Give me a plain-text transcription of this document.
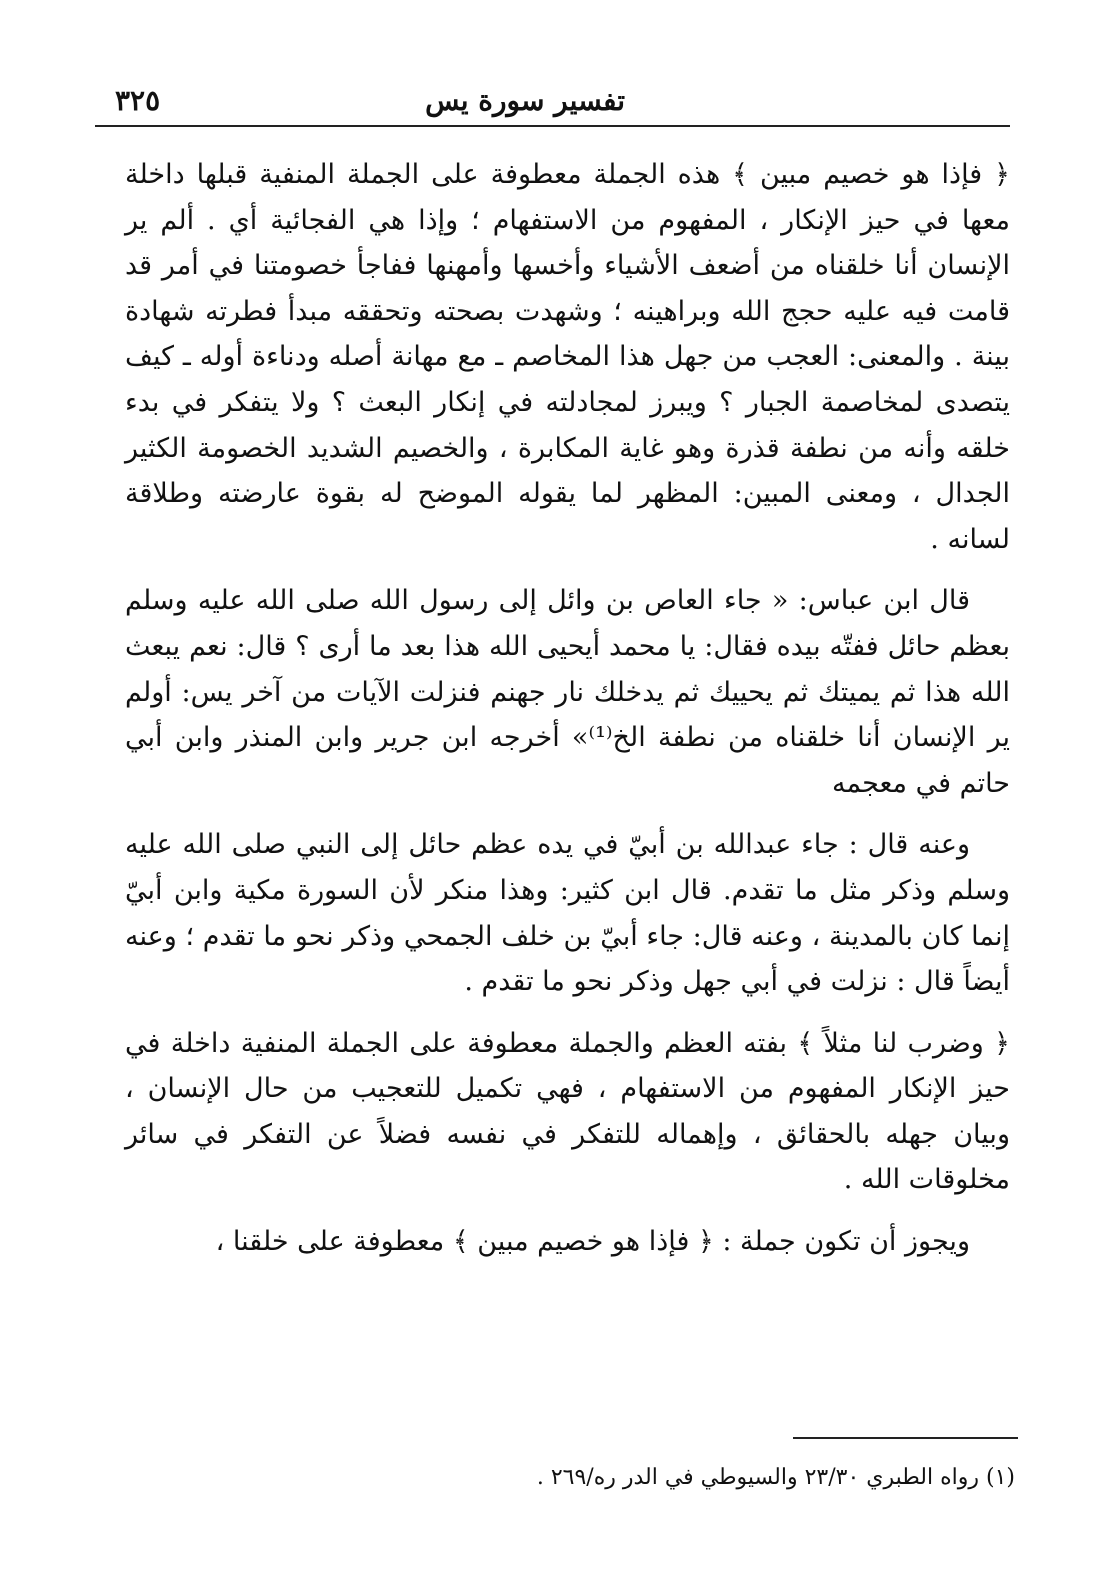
تفسير سورة يس
٣٢٥

﴿ فإذا هو خصيم مبين ﴾ هذه الجملة معطوفة على الجملة المنفية قبلها داخلة معها في حيز الإنكار ، المفهوم من الاستفهام ؛ وإذا هي الفجائية أي . ألم ير الإنسان أنا خلقناه من أضعف الأشياء وأخسها وأمهنها ففاجأ خصومتنا في أمر قد قامت فيه عليه حجج الله وبراهينه ؛ وشهدت بصحته وتحققه مبدأ فطرته شهادة بينة . والمعنى: العجب من جهل هذا المخاصم ـ مع مهانة أصله ودناءة أوله ـ كيف يتصدى لمخاصمة الجبار ؟ ويبرز لمجادلته في إنكار البعث ؟ ولا يتفكر في بدء خلقه وأنه من نطفة قذرة وهو غاية المكابرة ، والخصيم الشديد الخصومة الكثير الجدال ، ومعنى المبين: المظهر لما يقوله الموضح له بقوة عارضته وطلاقة لسانه .

قال ابن عباس: « جاء العاص بن وائل إلى رسول الله صلى الله عليه وسلم بعظم حائل ففتّه بيده فقال: يا محمد أيحيى الله هذا بعد ما أرى ؟ قال: نعم يبعث الله هذا ثم يميتك ثم يحييك ثم يدخلك نار جهنم فنزلت الآيات من آخر يس: أولم ير الإنسان أنا خلقناه من نطفة الخ⁽¹⁾» أخرجه ابن جرير وابن المنذر وابن أبي حاتم في معجمه

وعنه قال : جاء عبدالله بن أبيّ في يده عظم حائل إلى النبي صلى الله عليه وسلم وذكر مثل ما تقدم. قال ابن كثير: وهذا منكر لأن السورة مكية وابن أبيّ إنما كان بالمدينة ، وعنه قال: جاء أبيّ بن خلف الجمحي وذكر نحو ما تقدم ؛ وعنه أيضاً قال : نزلت في أبي جهل وذكر نحو ما تقدم .

﴿ وضرب لنا مثلاً ﴾ بفته العظم والجملة معطوفة على الجملة المنفية داخلة في حيز الإنكار المفهوم من الاستفهام ، فهي تكميل للتعجيب من حال الإنسان ، وبيان جهله بالحقائق ، وإهماله للتفكر في نفسه فضلاً عن التفكر في سائر مخلوقات الله .

ويجوز أن تكون جملة : ﴿ فإذا هو خصيم مبين ﴾ معطوفة على خلقنا ،

(١) رواه الطبري ٢٣/٣٠ والسيوطي في الدر ره/٢٦٩ .
